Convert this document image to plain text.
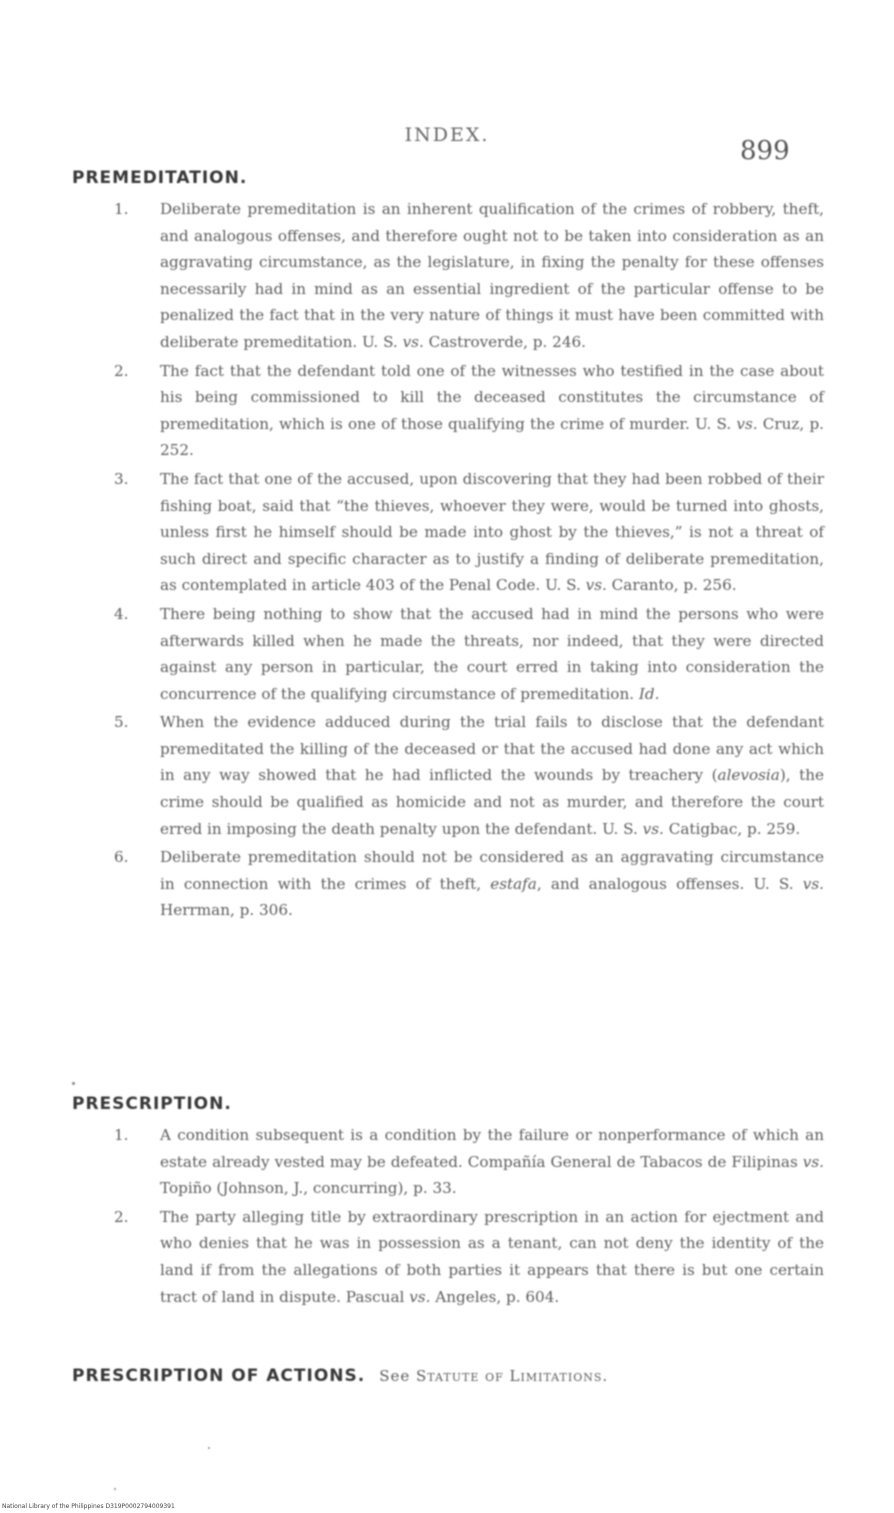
INDEX.
899
PREMEDITATION.
1. Deliberate premeditation is an inherent qualification of the crimes of robbery, theft, and analogous offenses, and therefore ought not to be taken into consideration as an aggravating circumstance, as the legislature, in fixing the penalty for these offenses necessarily had in mind as an essential ingredient of the particular offense to be penalized the fact that in the very nature of things it must have been committed with deliberate premeditation. U. S. vs. Castroverde, p. 246.
2. The fact that the defendant told one of the witnesses who testified in the case about his being commissioned to kill the deceased constitutes the circumstance of premeditation, which is one of those qualifying the crime of murder. U. S. vs. Cruz, p. 252.
3. The fact that one of the accused, upon discovering that they had been robbed of their fishing boat, said that “the thieves, whoever they were, would be turned into ghosts, unless first he himself should be made into ghost by the thieves,” is not a threat of such direct and specific character as to justify a finding of deliberate premeditation, as contemplated in article 403 of the Penal Code. U. S. vs. Caranto, p. 256.
4. There being nothing to show that the accused had in mind the persons who were afterwards killed when he made the threats, nor indeed, that they were directed against any person in particular, the court erred in taking into consideration the concurrence of the qualifying circumstance of premeditation. Id.
5. When the evidence adduced during the trial fails to disclose that the defendant premeditated the killing of the deceased or that the accused had done any act which in any way showed that he had inflicted the wounds by treachery (alevosia), the crime should be qualified as homicide and not as murder, and therefore the court erred in imposing the death penalty upon the defendant. U. S. vs. Catigbac, p. 259.
6. Deliberate premeditation should not be considered as an aggravating circumstance in connection with the crimes of theft, estafa, and analogous offenses. U. S. vs. Herrman, p. 306.
PRESCRIPTION.
1. A condition subsequent is a condition by the failure or nonperformance of which an estate already vested may be defeated. Compañía General de Tabacos de Filipinas vs. Topiño (Johnson, J., concurring), p. 33.
2. The party alleging title by extraordinary prescription in an action for ejectment and who denies that he was in possession as a tenant, can not deny the identity of the land if from the allegations of both parties it appears that there is but one certain tract of land in dispute. Pascual vs. Angeles, p. 604.
PRESCRIPTION OF ACTIONS. See Statute of Limitations.
National Library of the Philippines D319P0002794009391
